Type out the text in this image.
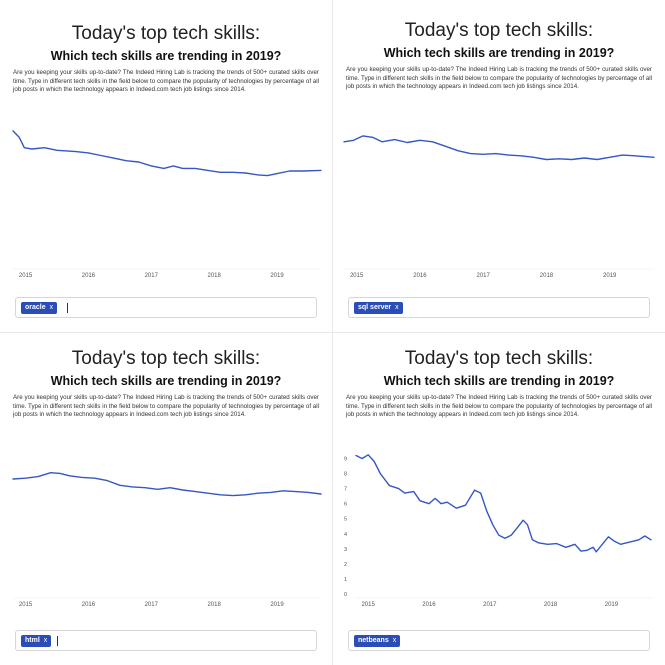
Today's top tech skills:
Which tech skills are trending in 2019?

Are you keeping your skills up-to-date? The Indeed Hiring Lab is tracking the trends of 500+ curated skills over time. Type in different tech skills in the field below to compare the popularity of technologies by percentage of all job posts in which the technology appears in Indeed.com tech job listings since 2014.

2015	2016	2017	2018	2019
oracle x
Today's top tech skills:
Which tech skills are trending in 2019?

Are you keeping your skills up-to-date? The Indeed Hiring Lab is tracking the trends of 500+ curated skills over time. Type in different tech skills in the field below to compare the popularity of technologies by percentage of all job posts in which the technology appears in Indeed.com tech job listings since 2014.

2015	2016	2017	2018	2019
sql server x
Today's top tech skills:
Which tech skills are trending in 2019?

Are you keeping your skills up-to-date? The Indeed Hiring Lab is tracking the trends of 500+ curated skills over time. Type in different tech skills in the field below to compare the popularity of technologies by percentage of all job posts in which the technology appears in Indeed.com tech job listings since 2014.

2015	2016	2017	2018	2019
html x
Today's top tech skills:
Which tech skills are trending in 2019?

Are you keeping your skills up-to-date? The Indeed Hiring Lab is tracking the trends of 500+ curated skills over time. Type in different tech skills in the field below to compare the popularity of technologies by percentage of all job posts in which the technology appears in Indeed.com tech job listings since 2014.

2015	2016	2017	2018	2019
9
8
7
6
5
4
3
2
1
0
netbeans x
